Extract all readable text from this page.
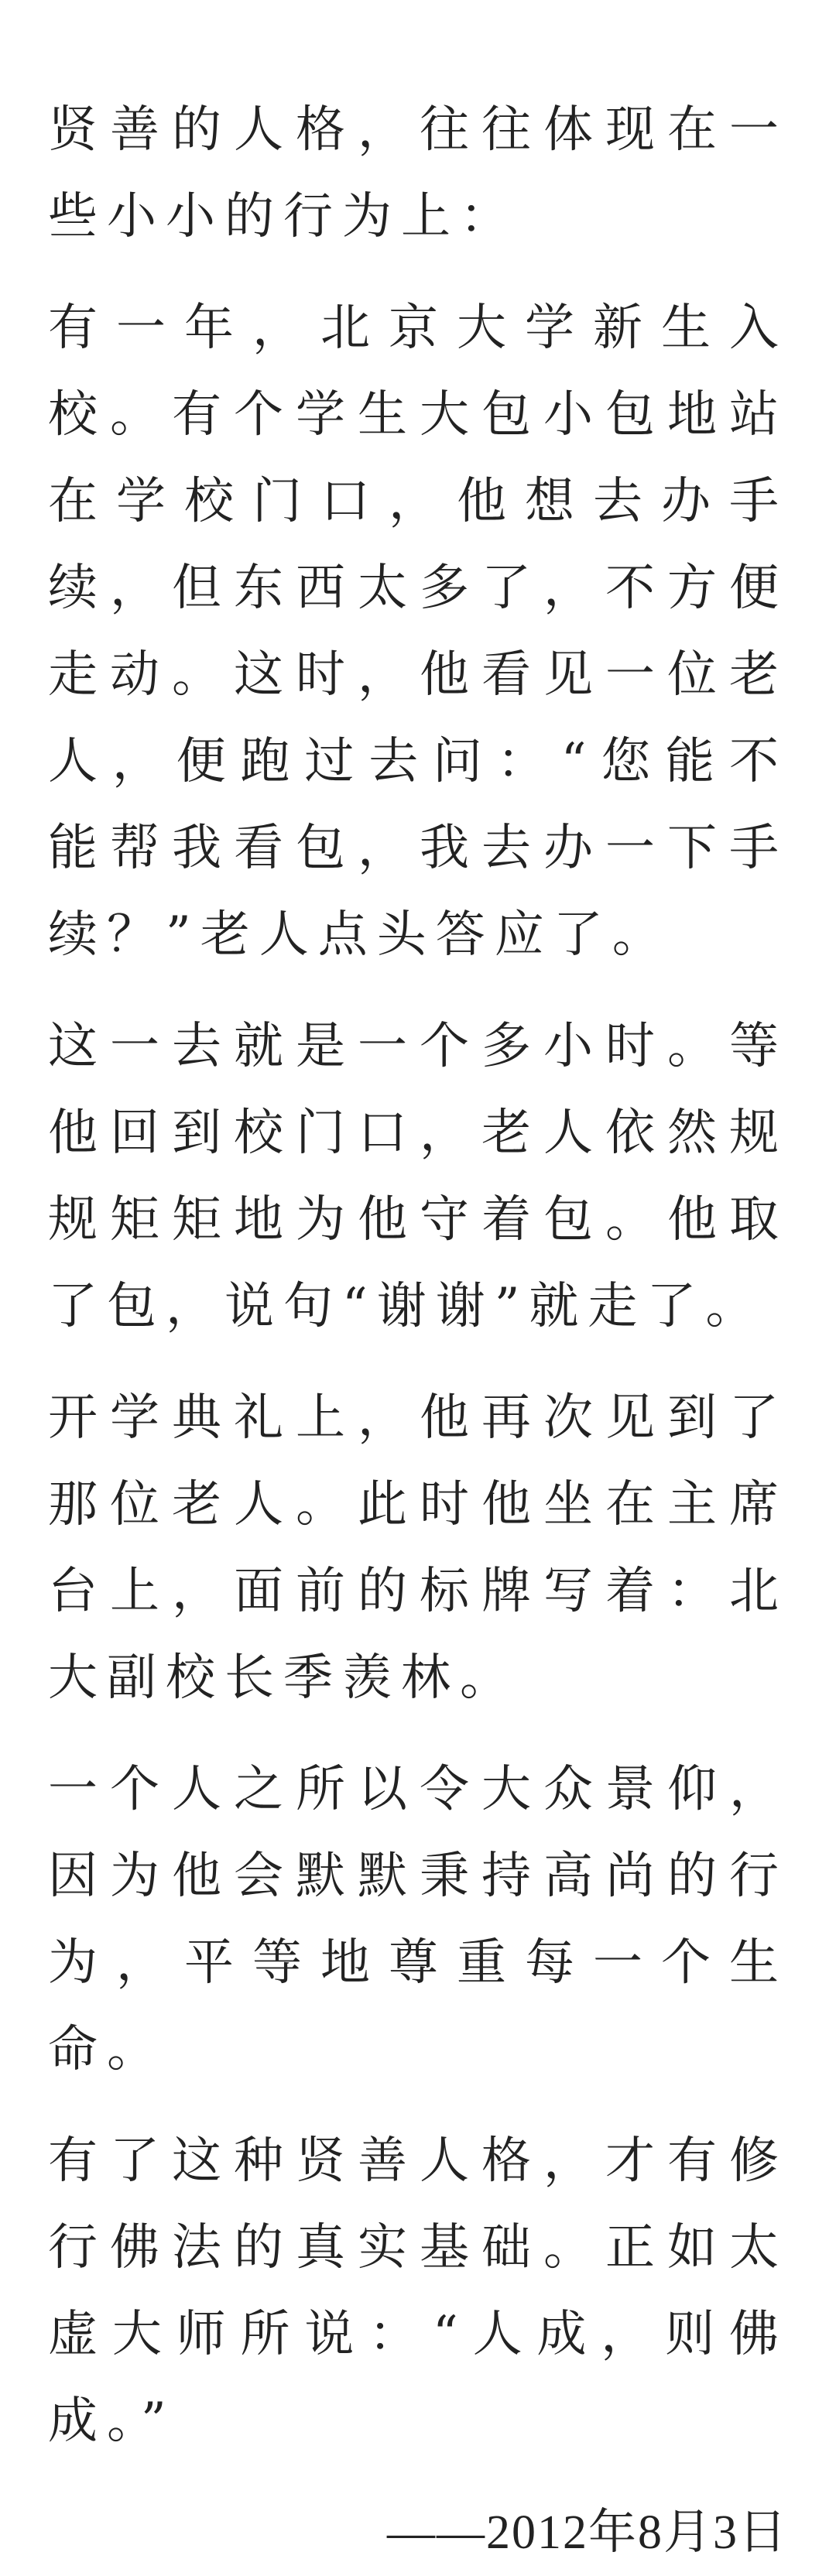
贤善的人格，往往体现在一些小小的行为上：

有一年，北京大学新生入校。有个学生大包小包地站在学校门口，他想去办手续，但东西太多了，不方便走动。这时，他看见一位老人，便跑过去问：“您能不能帮我看包，我去办一下手续？”老人点头答应了。

这一去就是一个多小时。等他回到校门口，老人依然规规矩矩地为他守着包。他取了包，说句“谢谢”就走了。

开学典礼上，他再次见到了那位老人。此时他坐在主席台上，面前的标牌写着：北大副校长季羡林。

一个人之所以令大众景仰，因为他会默默秉持高尚的行为，平等地尊重每一个生命。

有了这种贤善人格，才有修行佛法的真实基础。正如太虚大师所说：“人成，则佛成。”

——2012年8月3日
